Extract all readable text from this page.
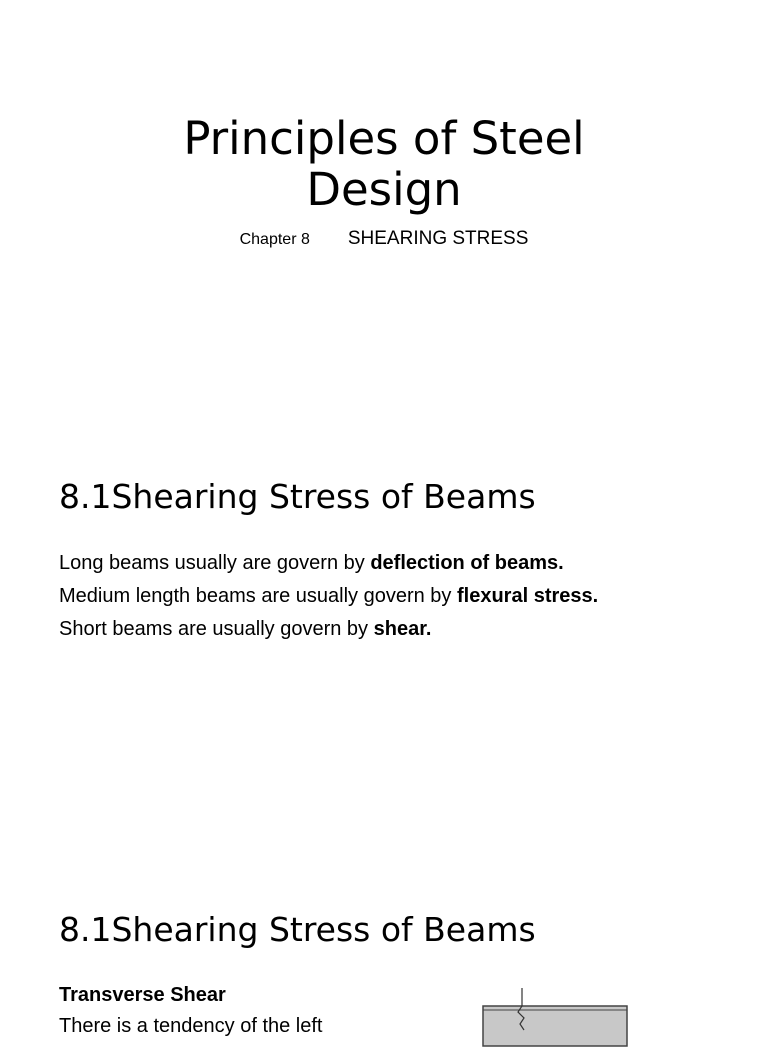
Principles of Steel
Design
Chapter 8 SHEARING STRESS
8.1Shearing Stress of Beams
Long beams usually are govern by deflection of beams.
Medium length beams are usually govern by flexural stress.
Short beams are usually govern by shear.
8.1Shearing Stress of Beams
Transverse Shear
There is a tendency of the left
